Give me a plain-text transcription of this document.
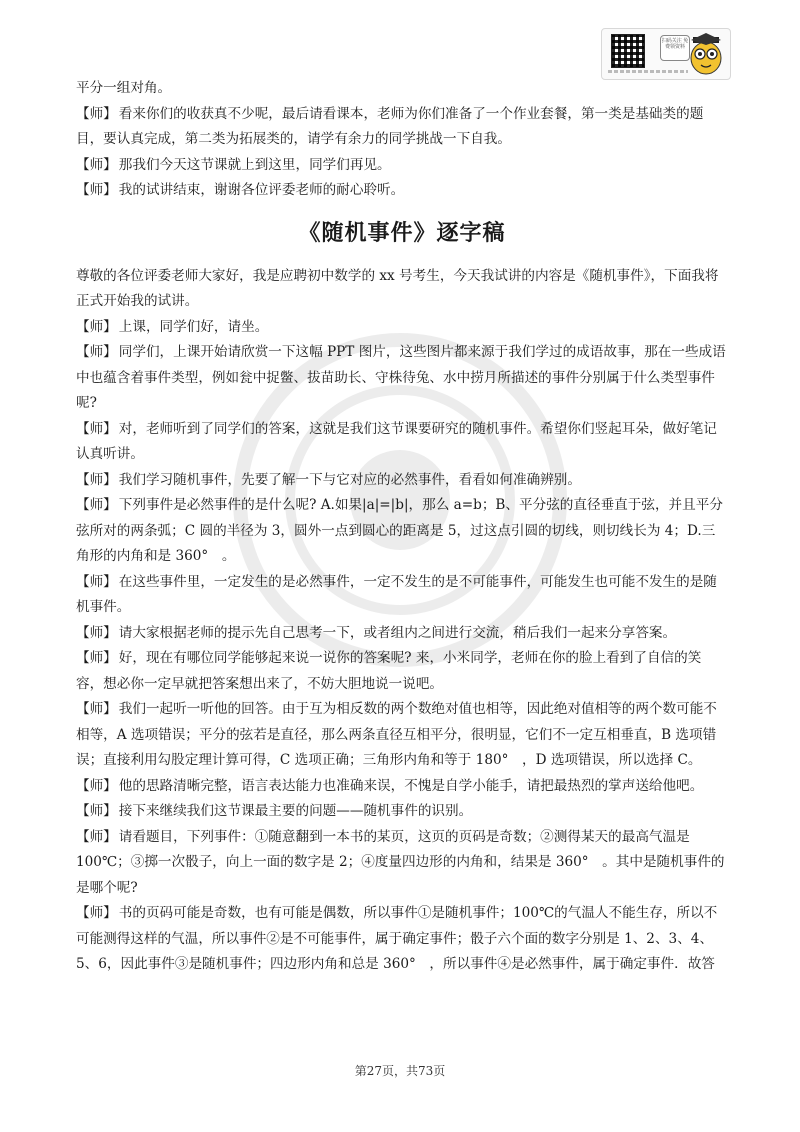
扫码关注 免费领资料

平分一组对角。

【师】 看来你们的收获真不少呢，最后请看课本，老师为你们准备了一个作业套餐，第一类是基础类的题目，要认真完成，第二类为拓展类的，请学有余力的同学挑战一下自我。

【师】 那我们今天这节课就上到这里，同学们再见。

【师】 我的试讲结束，谢谢各位评委老师的耐心聆听。

《随机事件》逐字稿

尊敬的各位评委老师大家好，我是应聘初中数学的 xx 号考生，今天我试讲的内容是《随机事件》，下面我将正式开始我的试讲。

【师】 上课，同学们好，请坐。

【师】 同学们，上课开始请欣赏一下这幅 PPT 图片，这些图片都来源于我们学过的成语故事，那在一些成语中也蕴含着事件类型，例如瓮中捉鳖、拔苗助长、守株待兔、水中捞月所描述的事件分别属于什么类型事件呢?

【师】 对，老师听到了同学们的答案，这就是我们这节课要研究的随机事件。希望你们竖起耳朵，做好笔记认真听讲。

【师】 我们学习随机事件，先要了解一下与它对应的必然事件，看看如何准确辨别。

【师】 下列事件是必然事件的是什么呢? A.如果|a|=|b|，那么 a=b；B、平分弦的直径垂直于弦，并且平分弦所对的两条弧；C 圆的半径为 3，圆外一点到圆心的距离是 5，过这点引圆的切线，则切线长为 4；D.三角形的内角和是 360°　。

【师】 在这些事件里，一定发生的是必然事件，一定不发生的是不可能事件，可能发生也可能不发生的是随机事件。

【师】 请大家根据老师的提示先自己思考一下，或者组内之间进行交流，稍后我们一起来分享答案。

【师】 好，现在有哪位同学能够起来说一说你的答案呢? 来，小米同学，老师在你的脸上看到了自信的笑容，想必你一定早就把答案想出来了，不妨大胆地说一说吧。

【师】 我们一起听一听他的回答。由于互为相反数的两个数绝对值也相等，因此绝对值相等的两个数可能不相等，A 选项错误；平分的弦若是直径，那么两条直径互相平分，很明显，它们不一定互相垂直，B 选项错误；直接利用勾股定理计算可得，C 选项正确；三角形内角和等于 180°　，D 选项错误，所以选择 C。

【师】 他的思路清晰完整，语言表达能力也准确来误，不愧是自学小能手，请把最热烈的掌声送给他吧。

【师】 接下来继续我们这节课最主要的问题——随机事件的识别。

【师】 请看题目，下列事件：①随意翻到一本书的某页，这页的页码是奇数；②测得某天的最高气温是 100℃；③掷一次骰子，向上一面的数字是 2；④度量四边形的内角和，结果是 360°　。其中是随机事件的是哪个呢?

【师】 书的页码可能是奇数，也有可能是偶数，所以事件①是随机事件；100℃的气温人不能生存，所以不可能测得这样的气温，所以事件②是不可能事件，属于确定事件；骰子六个面的数字分别是 1、2、3、4、5、6，因此事件③是随机事件；四边形内角和总是 360°　，所以事件④是必然事件，属于确定事件．故答

第27页，共73页
